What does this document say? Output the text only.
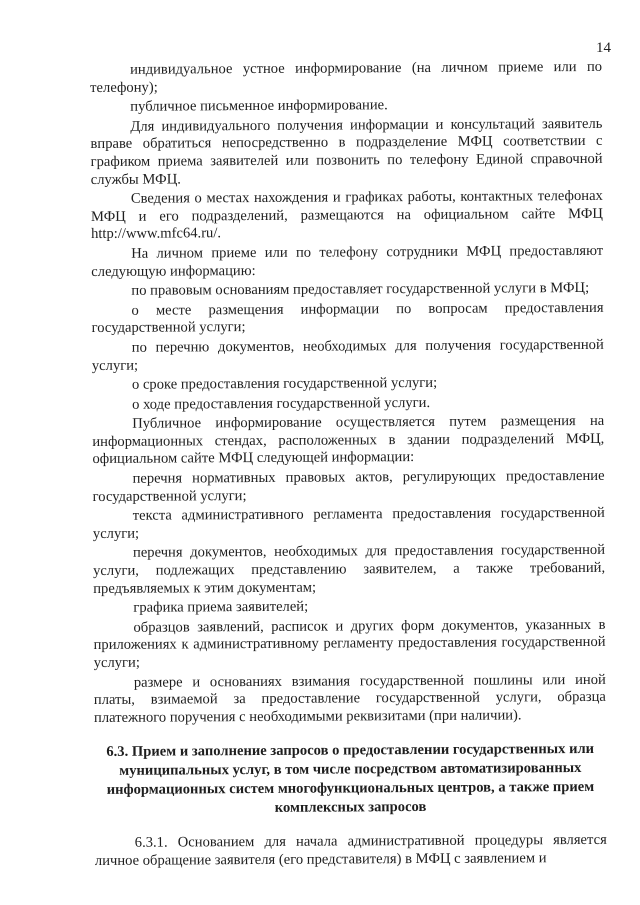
14

индивидуальное устное информирование (на личном приеме или по телефону);

публичное письменное информирование.

Для индивидуального получения информации и консультаций заявитель вправе обратиться непосредственно в подразделение МФЦ соответствии с графиком приема заявителей или позвонить по телефону Единой справочной службы МФЦ.

Сведения о местах нахождения и графиках работы, контактных телефонах МФЦ и его подразделений, размещаются на официальном сайте МФЦ http://www.mfc64.ru/.

На личном приеме или по телефону сотрудники МФЦ предоставляют следующую информацию:

по правовым основаниям предоставляет государственной услуги в МФЦ;

о месте размещения информации по вопросам предоставления государственной услуги;

по перечню документов, необходимых для получения государственной услуги;

о сроке предоставления государственной услуги;

о ходе предоставления государственной услуги.

Публичное информирование осуществляется путем размещения на информационных стендах, расположенных в здании подразделений МФЦ, официальном сайте МФЦ следующей информации:

перечня нормативных правовых актов, регулирующих предоставление государственной услуги;

текста административного регламента предоставления государственной услуги;

перечня документов, необходимых для предоставления государственной услуги, подлежащих представлению заявителем, а также требований, предъявляемых к этим документам;

графика приема заявителей;

образцов заявлений, расписок и других форм документов, указанных в приложениях к административному регламенту предоставления государственной услуги;

размере и основаниях взимания государственной пошлины или иной платы, взимаемой за предоставление государственной услуги, образца платежного поручения с необходимыми реквизитами (при наличии).

6.3. Прием и заполнение запросов о предоставлении государственных или муниципальных услуг, в том числе посредством автоматизированных информационных систем многофункциональных центров, а также прием комплексных запросов

6.3.1. Основанием для начала административной процедуры является личное обращение заявителя (его представителя) в МФЦ с заявлением и
